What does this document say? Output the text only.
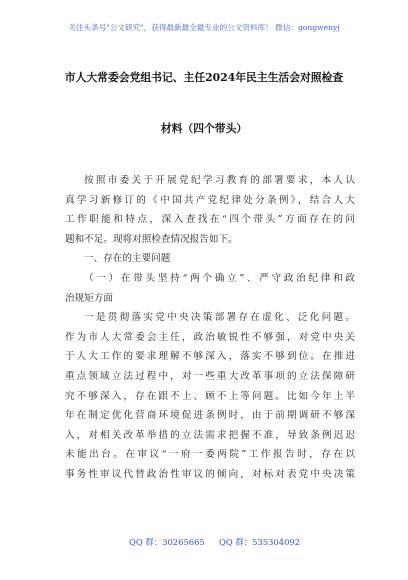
关注头条号"公文研究"，获得最新最全最专业的公文资料库！ 微信：gongwenyj
市人大常委会党组书记、主任2024年民主生活会对照检查
材料（四个带头）
按照市委关于开展党纪学习教育的部署要求，本人认
真学习新修订的《中国共产党纪律处分条例》，结合人大
工作职能和特点，深入查找在“四个带头”方面存在的问
题和不足。现将对照检查情况报告如下。
一、存在的主要问题
（一）在带头坚持“两个确立”、严守政治纪律和政
治规矩方面
一是贯彻落实党中央决策部署存在虚化、泛化问题。
作为市人大常委会主任，政治敏锐性不够强，对党中央关
于人大工作的要求理解不够深入，落实不够到位。在推进
重点领域立法过程中，对一些重大改革事项的立法保障研
究不够深入，存在跟不上、顾不上等问题。比如今年上半
年在制定优化营商环境促进条例时，由于前期调研不够深
入，对相关改革举措的立法需求把握不准，导致条例迟迟
未能出台。在审议“一府一委两院”工作报告时，存在以
事务性审议代替政治性审议的倾向，对标对表党中央决策
QQ 群：30265665 QQ 群：535304092
